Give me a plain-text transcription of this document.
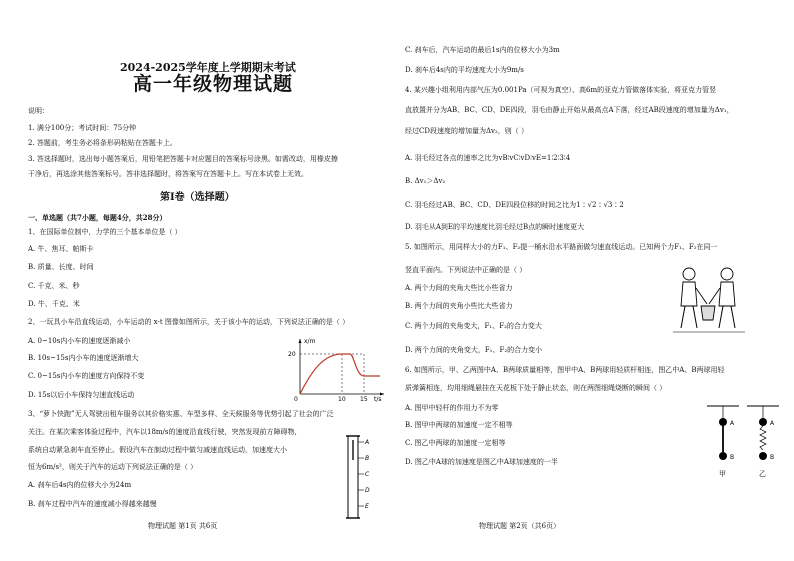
2024-2025学年度上学期期末考试
高一年级物理试题
说明：
1. 满分100分；考试时间：75分钟
2. 答题前，考生务必将条形码粘贴在答题卡上。
3. 答选择题时，选出每小题答案后，用铅笔把答题卡对应题目的答案标号涂黑。如需改动，用橡皮擦
干净后，再选涂其他答案标号。答非选择题时，将答案写在答题卡上。写在本试卷上无效。
第Ⅰ卷（选择题）
一、单选题（共7小题，每题4分，共28分）
1、在国际单位制中，力学的三个基本单位是（ ）
A. 牛、焦耳、帕斯卡
B. 质量、长度、时间
C. 千克、米、秒
D. 牛、千克、米
2、一玩具小车沿直线运动，小车运动的 x-t 图像如图所示，关于该小车的运动，下列说法正确的是（ ）
A. 0~10s内小车的速度逐渐减小
B. 10s~15s内小车的速度逐渐增大
C. 0~15s内小车的速度方向保持不变
D. 15s以后小车保持匀速直线运动
x/m
20
0	10 15 t/s
3、“萝卜快跑”无人驾驶出租车服务以其价格实惠、车型多样、全天候服务等优势引起了社会的广泛
关注。在某次乘客体验过程中，汽车以18m/s的速度沿直线行驶，突然发现前方障碍物，
系统自动紧急刹车直至停止。假设汽车在制动过程中做匀减速直线运动，加速度大小
恒为6m/s²，则关于汽车的运动下列说法正确的是（ ）
A. 刹车后4s内的位移大小为24m
B. 刹车过程中汽车的速度减小得越来越慢
A
B
C
D
E
物理试题 第1页 共6页
C. 刹车后，汽车运动的最后1s内的位移大小为3m
D. 刹车后4s内的平均速度大小为9m/s
4. 某兴趣小组利用内部气压为0.001Pa（可视为真空）、高6m的亚克力管做落体实验，将亚克力管竖
直放置并分为AB、BC、CD、DE四段，羽毛由静止开始从最高点A下落，经过AB段速度的增加量为Δv₁，
经过CD段速度的增加量为Δv₂，则（ ）
A. 羽毛经过各点的速率之比为vB∶vC∶vD∶vE=1∶2∶3∶4
B. Δv₁＞Δv₂
C. 羽毛经过AB、BC、CD、DE四段位移的时间之比为1∶√2∶√3∶2
D. 羽毛从A到E的平均速度比羽毛经过B点的瞬时速度更大
5. 如图所示，用同样大小的力F₁、F₂提一桶水沿水平路面做匀速直线运动。已知两个力F₁、F₂在同一
竖直平面内。下列说法中正确的是（ ）
A. 两个力间的夹角大些比小些省力
B. 两个力间的夹角小些比大些省力
C. 两个力间的夹角变大，F₁、F₂的合力变大
D. 两个力间的夹角变大，F₁、F₂的合力变小
6. 如图所示，甲、乙两图中A、B两球质量相等，图甲中A、B两球用轻质杆相连，图乙中A、B两球用轻
质弹簧相连，均用细绳悬挂在天花板下处于静止状态，则在两图细绳烧断的瞬间（ ）
A. 图甲中轻杆的作用力不为零
B. 图甲中两球的加速度一定不相等
C. 图乙中两球的加速度一定相等
D. 图乙中A球的加速度是图乙中A球加速度的一半
A
B
甲
A
B
乙
物理试题 第2页（共6页）
